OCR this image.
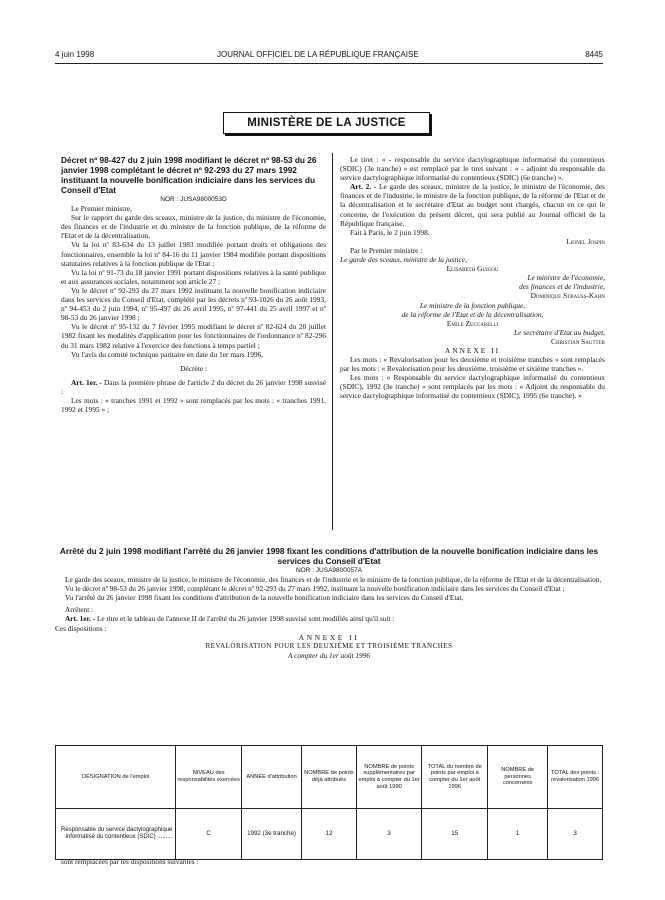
4 juin 1998	JOURNAL OFFICIEL DE LA RÉPUBLIQUE FRANÇAISE	8445
MINISTÈRE DE LA JUSTICE

Décret nº 98-427 du 2 juin 1998 modifiant le décret nº 98-53 du 26 janvier 1998 complétant le décret nº 92-293 du 27 mars 1992 instituant la nouvelle bonification indiciaire dans les services du Conseil d'Etat

NOR : JUSA9800053D

Le Premier ministre,

Sur le rapport du garde des sceaux, ministre de la justice, du ministre de l'économie, des finances et de l'industrie et du ministre de la fonction publique, de la réforme de l'Etat et de la décentralisation,

Vu la loi nº 83-634 du 13 juillet 1983 modifiée portant droits et obligations des fonctionnaires, ensemble la loi nº 84-16 du 11 janvier 1984 modifiée portant dispositions statutaires relatives à la fonction publique de l'Etat ;

Vu la loi nº 91-73 du 18 janvier 1991 portant dispositions relatives à la santé publique et aux assurances sociales, notamment son article 27 ;

Vu le décret nº 92-293 du 27 mars 1992 instituant la nouvelle bonification indiciaire dans les services du Conseil d'Etat, complété par les décrets nº 93-1026 du 26 août 1993, nº 94-453 du 2 juin 1994, nº 95-497 du 26 avril 1995, nº 97-441 du 25 avril 1997 et nº 98-53 du 26 janvier 1998 ;

Vu le décret nº 95-132 du 7 février 1995 modifiant le décret nº 82-624 du 20 juillet 1982 fixant les modalités d'application pour les fonctionnaires de l'ordonnance nº 82-296 du 31 mars 1982 relative à l'exercice des fonctions à temps partiel ;

Vu l'avis du comité technique paritaire en date du 1er mars 1996,

Décrète :

Art. 1er. - Dans la première phrase de l'article 2 du décret du 26 janvier 1998 susvisé :

Les mots : « tranches 1991 et 1992 » sont remplacés par les mots : « tranches 1991, 1992 et 1995 » ;

Le tiret : « - responsable du service dactylographique informatisé du contentieux (SDIC) (3e tranche) » est remplacé par le tiret suivant : « - adjoint du responsable du service dactylographique informatisé du contentieux (SDIC) (6e tranche) ».

Art. 2. - Le garde des sceaux, ministre de la justice, le ministre de l'économie, des finances et de l'industrie, le ministre de la fonction publique, de la réforme de l'Etat et de la décentralisation et le secrétaire d'Etat au budget sont chargés, chacun en ce qui le concerne, de l'exécution du présent décret, qui sera publié au Journal officiel de la République française.

Fait à Paris, le 2 juin 1998.

Lionel Jospin

Par le Premier ministre :

Le garde des sceaux, ministre de la justice,

Elisabeth Guigou

Le ministre de l'économie,

des finances et de l'industrie,

Dominique Strauss-Kahn

Le ministre de la fonction publique,

de la réforme de l'Etat et de la décentralisation,

Emile Zuccarelli

Le secrétaire d'Etat au budget,

Christian Sautter

ANNEXE II

Les mots : « Revalorisation pour les deuxième et troisième tranches » sont remplacés par les mots : « Revalorisation pour les deuxième, troisième et sixième tranches ».

Les mots : « Responsable du service dactylographique informatisé du contentieux (SDIC), 1992 (3e tranche) » sont remplacés par les mots : « Adjoint du responsable du service dactylographique informatisé du contentieux (SDIC), 1995 (6e tranche). »

Arrêté du 2 juin 1998 modifiant l'arrêté du 26 janvier 1998 fixant les conditions d'attribution de la nouvelle bonification indiciaire dans les services du Conseil d'Etat

NOR : JUSA9800057A

Le garde des sceaux, ministre de la justice, le ministre de l'économie, des finances et de l'industrie et le ministre de la fonction publique, de la réforme de l'Etat et de la décentralisation,

Vu le décret nº 98-53 du 26 janvier 1998, complétant le décret nº 92-293 du 27 mars 1992, instituant la nouvelle bonification indiciaire dans les services du Conseil d'Etat ;

Vu l'arrêté du 26 janvier 1998 fixant les conditions d'attribution de la nouvelle bonification indiciaire dans les services du Conseil d'Etat,

Arrêtent :

Art. 1er. - Le titre et le tableau de l'annexe II de l'arrêté du 26 janvier 1998 susvisé sont modifiés ainsi qu'il suit :

Ces dispositions :

ANNEXE II

REVALORISATION POUR LES DEUXIÈME ET TROISIÈME TRANCHES

A compter du 1er août 1996

DÉSIGNATION de l'emploi	NIVEAU des responsabilités exercées	ANNÉE d'attribution	NOMBRE de points déjà attribués	NOMBRE de points supplémentaires par emploi à compter du 1er août 1990	TOTAL du nombre de points par emploi à compter du 1er août 1996	NOMBRE de personnes concernées	TOTAL des points : revalorisation 1996
Responsable du service dactylographique informatisé du contentieux (SDIC) .........	C	1992 (3e tranche)	12	3	15	1	3
sont remplacées par les dispositions suivantes :
